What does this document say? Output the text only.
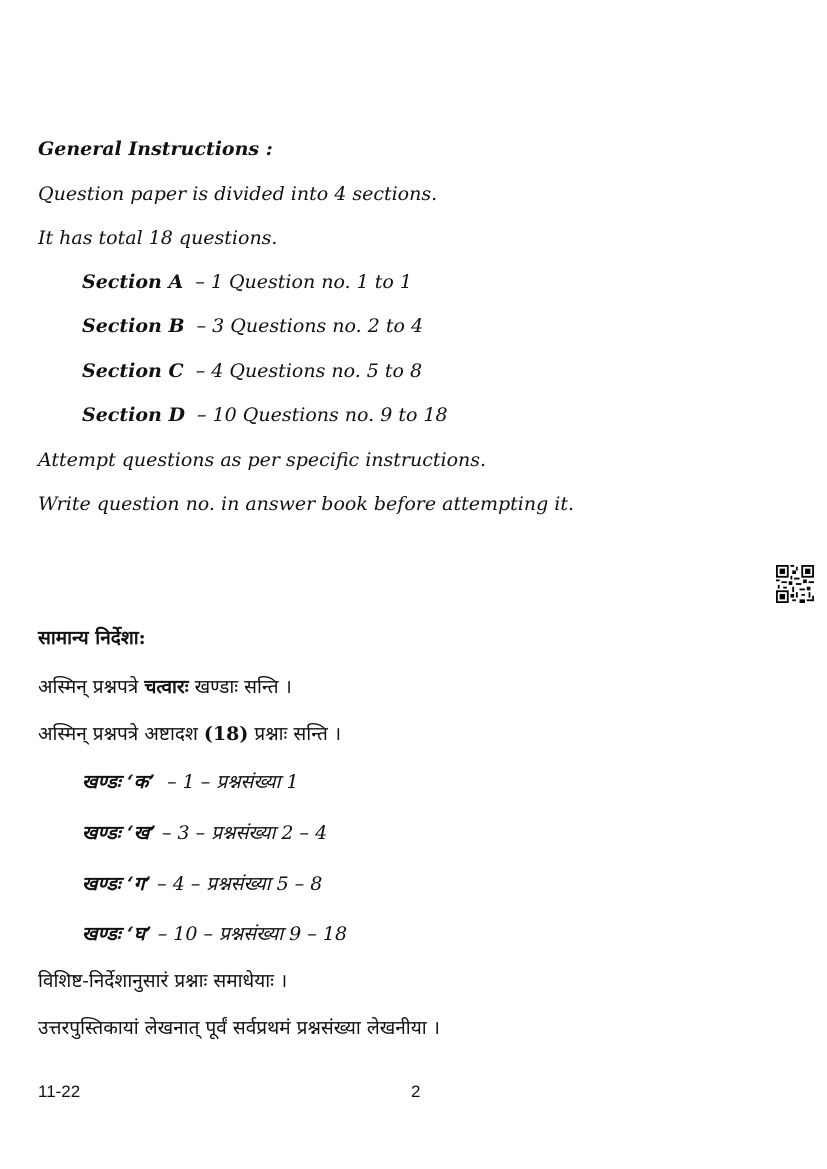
General Instructions :
Question paper is divided into 4 sections.
It has total 18 questions.
Section A – 1 Question no. 1 to 1
Section B – 3 Questions no. 2 to 4
Section C – 4 Questions no. 5 to 8
Section D – 10 Questions no. 9 to 18
Attempt questions as per specific instructions.
Write question no. in answer book before attempting it.
सामान्य निर्देशा:
अस्मिन् प्रश्नपत्रे चत्वारः खण्डाः सन्ति ।
अस्मिन् प्रश्नपत्रे अष्टादश (18) प्रश्नाः सन्ति ।
खण्डः ‘क’ – 1 – प्रश्नसंख्या 1
खण्डः ‘ख’ – 3 – प्रश्नसंख्या 2 – 4
खण्डः ‘ग’ – 4 – प्रश्नसंख्या 5 – 8
खण्डः ‘घ’ – 10 – प्रश्नसंख्या 9 – 18
विशिष्ट-निर्देशानुसारं प्रश्नाः समाधेयाः ।
उत्तरपुस्तिकायां लेखनात् पूर्वं सर्वप्रथमं प्रश्नसंख्या लेखनीया ।
11-22	2
